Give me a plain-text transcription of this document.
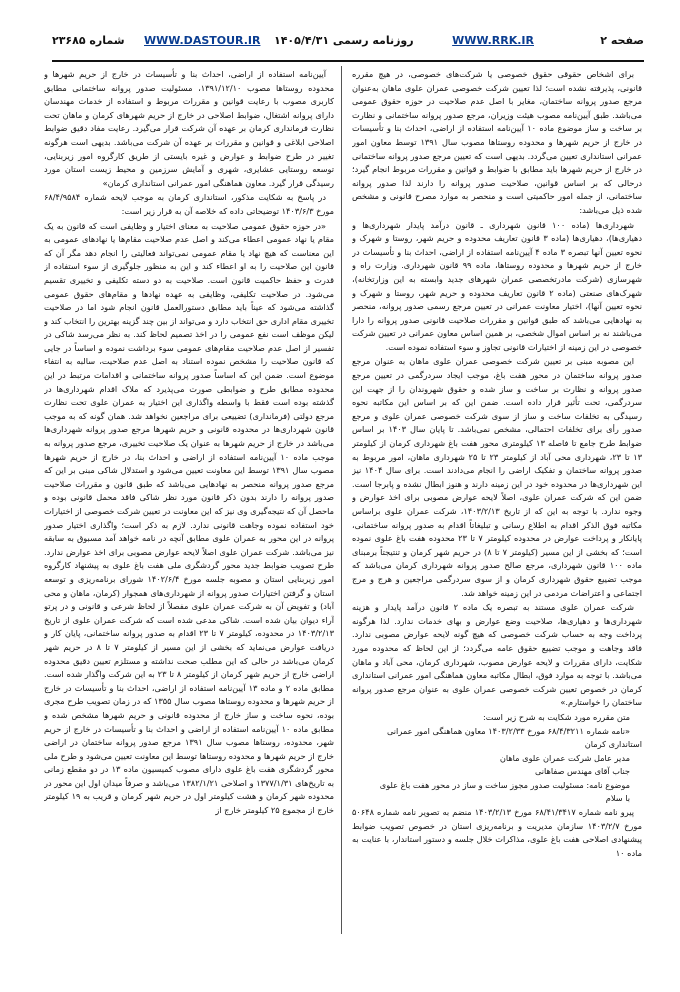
صفحه ۲
WWW.RRK.IR
روزنامه رسمی ۱۴۰۵/۴/۳۱
WWW.DASTOUR.IR
شماره ۲۳۶۸۵

برای اشخاص حقوقی حقوق خصوصی یا شرکت‌های خصوصی، در هیچ مقرره قانونی، پذیرفته نشده است؛ لذا تعیین شرکت خصوصی عمران علوی ماهان به‌عنوان مرجع صدور پروانه ساختمان، مغایر با اصل عدم صلاحیت در حوزه حقوق عمومی می‌باشد. طبق آیین‌نامه مصوب هیئت وزیران، مرجع صدور پروانه ساختمانی و نظارت بر ساخت و ساز موضوع ماده ۱۰ آیین‌نامه استفاده از اراضی، احداث بنا و تأسیسات در خارج از حریم شهرها و محدوده روستاها مصوب سال ۱۳۹۱ توسط معاون امور عمرانی استانداری تعیین می‌گردد. بدیهی است که تعیین مرجع صدور پروانه ساختمانی در خارج از حریم شهرها باید مطابق با ضوابط و قوانین و مقررات مربوط انجام گیرد؛ درحالی که بر اساس قوانین، صلاحیت صدور پروانه را دارند لذا صدور پروانه ساختمانی، از جمله امور حاکمیتی است و منحصر به موارد مصرح قانونی و مشخص شده ذیل می‌باشد:

شهرداری‌ها (ماده ۱۰۰ قانون شهرداری ـ قانون درآمد پایدار شهرداری‌ها و دهیاری‌ها)، دهیاری‌ها (ماده ۳ قانون تعاریف محدوده و حریم شهر، روستا و شهرک و نحوه تعیین آنها تبصره ۳ ماده ۴ آیین‌نامه استفاده از اراضی، احداث بنا و تأسیسات در خارج از حریم شهرها و محدوده روستاها، ماده ۹۹ قانون شهرداری. وزارت راه و شهرسازی (شرکت مادرتخصصی عمران شهرهای جدید وابسته به این وزارتخانه)، شهرک‌های صنعتی (ماده ۲ قانون تعاریف محدوده و حریم شهر، روستا و شهرک و نحوه تعیین آنها)، اختیار معاونت عمرانی در تعیین مرجع رسمی صدور پروانه، منحصر به نهادهایی می‌باشد که طبق قوانین و مقررات صلاحیت قانونی صدور پروانه را دارا می‌باشند نه بر اساس اموال شخصی، بر همین اساس معاون عمرانی در تعیین شرکت خصوصی در این زمینه از اختیارات قانونی تجاوز و سوء استفاده نموده است.

این مصوبه مبنی بر تعیین شرکت خصوصی عمران علوی ماهان به عنوان مرجع صدور پروانه ساختمان در محور هفت باغ، موجب ایجاد سردرگمی در تعیین مرجع صدور پروانه و نظارت بر ساخت و ساز شده و حقوق شهروندان را از جهت این سردرگمی، تحت تأثیر قرار داده است. ضمن این که بر اساس این مکاتبه نحوه رسیدگی به تخلفات ساخت و ساز از سوی شرکت خصوصی عمران علوی و مرجع صدور رأی برای تخلفات احتمالی، مشخص نمی‌باشد. تا پایان سال ۱۴۰۳ بر اساس ضوابط طرح جامع تا فاصله ۱۳ کیلومتری محور هفت باغ شهرداری کرمان از کیلومتر ۱۳ تا ۲۳، شهرداری محی آباد از کیلومتر ۲۳ تا ۲۵ شهرداری ماهان، امور مربوط به صدور پروانه ساختمان و تفکیک اراضی را انجام می‌دادند است. برای سال ۱۴۰۴ نیز این شهرداری‌ها در محدوده خود در این زمینه دارند و هنوز ابطال نشده و پابرجا است. ضمن این که شرکت عمران علوی، اصلاً لایحه عوارض مصوبی برای اخذ عوارض و وجوه ندارد. با توجه به این که از تاریخ ۱۴۰۳/۲/۱۳، شرکت عمران علوی براساس مکاتبه فوق الذکر اقدام به اطلاع رسانی و تبلیغاتاً اقدام به صدور پروانه ساختمانی، پایانکار و پرداخت عوارض در محدوده کیلومتر ۷ تا ۲۳ محدوده هفت باغ علوی نموده است؛ که بخشی از این مسیر (کیلومتر ۷ تا ۸) در حریم شهر کرمان و تنتیجتاً برمبنای ماده ۱۰۰ قانون شهرداری، مرجع صالح صدور پروانه شهرداری کرمان می‌باشد که موجب تضییع حقوق شهرداری کرمان و از سوی سردرگمی مراجعین و هرج و مرج اجتماعی و اعتراضات مردمی در این زمینه خواهد شد.

شرکت عمران علوی مستند به تبصره یک ماده ۲ قانون درآمد پایدار و هزینه شهرداری‌ها و دهیاری‌ها، صلاحیت وضع عوارض و بهای خدمات ندارد. لذا هرگونه پرداخت وجه به حساب شرکت خصوصی که هیچ گونه لایحه عوارض مصوبی ندارد. فاقد وجاهت و موجب تضییع حقوق عامه می‌گردد؛ از این لحاظ که محدوده مورد شکایت، دارای مقررات و لایحه عوارض مصوب، شهرداری کرمان، محی آباد و ماهان می‌باشد. با توجه به موارد فوق، ابطال مکاتبه معاون هماهنگی امور عمرانی استانداری کرمان در خصوص تعیین شرکت خصوصی عمران علوی به عنوان مرجع صدور پروانه ساختمان را خواستارم.»

متن مقرره مورد شکایت به شرح زیر است:

«نامه شماره ۶۸/۴/۳۲۱۱ مورخ ۱۴۰۳/۲/۳۳ معاون هماهنگی امور عمرانی استانداری کرمان

مدیر عامل شرکت عمران علوی ماهان

جناب آقای مهندس صفاهانی

موضوع نامه: مسئولیت صدور مجوز ساخت و ساز در محور هفت باغ علوی

با سلام

پیرو نامه شماره ۶۸/۴۱/۳۴۱۷ مورخ ۱۴۰۳/۲/۱۳ منضم به تصویر نامه شماره ۵۰۶۴۸ مورخ ۱۴۰۳/۲/۷ سازمان مدیریت و برنامه‌ریزی استان در خصوص تصویب ضوابط پیشنهادی اصلاحی هفت باغ علوی، مذاکرات خلال جلسه و دستور استاندار، با عنایت به ماده ۱۰

آیین‌نامه استفاده از اراضی، احداث بنا و تأسیسات در خارج از حریم شهرها و محدوده روستاها مصوب ۱۳۹۱/۱۲/۱۰، مسئولیت صدور پروانه ساختمانی مطابق کاربری مصوب با رعایت قوانین و مقررات مربوط و استفاده از خدمات مهندسان دارای پروانه اشتغال، ضوابط اصلاحی در خارج از حریم شهرهای کرمان و ماهان تحت نظارت فرمانداری کرمان بر عهده آن شرکت قرار می‌گیرد. رعایت مفاد دقیق ضوابط اصلاحی ابلاغی و قوانین و مقررات بر عهده آن شرکت می‌باشد. بدیهی است هرگونه تغییر در طرح ضوابط و عوارض و غیره بایستی از طریق کارگروه امور زیربنایی، توسعه روستایی عشایری، شهری و آمایش سرزمین و محیط زیست استان مورد رسیدگی قرار گیرد. معاون هماهنگی امور عمرانی استانداری کرمان»

در پاسخ به شکایت مذکور، استانداری کرمان به موجب لایحه شماره ۶۸/۴/۹۵۸۴ مورخ ۱۴۰۳/۶/۳ توضیحاتی داده که خلاصه آن به قرار زیر است:

«در حوزه حقوق عمومی صلاحیت به معنای اختیار و وظایفی است که قانون به یک مقام یا نهاد عمومی اعطاء می‌کند و اصل عدم صلاحیت مقام‌ها یا نهادهای عمومی به این معناست که هیچ نهاد یا مقام عمومی نمی‌تواند فعالیتی را انجام دهد مگر آن که قانون این صلاحیت را به او اعطاء کند و این به منظور جلوگیری از سوء استفاده از قدرت و حفظ حاکمیت قانون است. صلاحیت به دو دسته تکلیفی و تخییری تقسیم می‌شود. در صلاحیت تکلیفی، وظایفی به عهده نهادها و مقام‌های حقوق عمومی گذاشته می‌شود که عیناً باید مطابق دستورالعمل قانون انجام شود اما در صلاحیت تخییری مقام اداری حق انتخاب دارد و می‌تواند از بین چند گزینه بهترین را انتخاب کند و لیکن موظف است نفع عمومی را در اخذ تصمیم لحاظ کند. به نظر می‌رسد شاکی در تفسیر از اصل عدم صلاحیت مقام‌های عمومی سوء برداشت نموده و اساساً در جایی که قانون صلاحیت را مشخص نموده استناد به اصل عدم صلاحیت، سالبه به انتفاء موضوع است. ضمن این که اساساً صدور پروانه ساختمانی و اقدامات مرتبط در این محدوده مطابق طرح و ضوابطی صورت می‌پذیرد که ملاک اقدام شهرداری‌ها در گذشته بوده است فقط با واسطه واگذاری این اختیار به عمران علوی تحت نظارت مرجع دولتی (فرمانداری) تضییعی برای مراجعین نخواهد شد. همان گونه که به موجب قانون شهرداری‌ها در محدوده قانونی و حریم شهرها مرجع صدور پروانه شهرداری‌ها می‌باشد در خارج از حریم شهرها به عنوان یک صلاحیت تخییری، مرجع صدور پروانه به موجب ماده ۱۰ آیین‌نامه استفاده از اراضی و احداث بنا، در خارج از حریم شهرها مصوب سال ۱۳۹۱ توسط این معاونت تعیین می‌شود و استدلال شاکی مبنی بر این که مرجع صدور پروانه منحصر به نهادهایی می‌باشد که طبق قانون و مقررات صلاحیت صدور پروانه را دارند بدون ذکر قانون مورد نظر شاکی فاقد محمل قانونی بوده و ماحصل آن که نتیجه‌گیری وی نیز که این معاونت در تعیین شرکت خصوصی از اختیارات خود استفاده نموده وجاهت قانونی ندارد. لازم به ذکر است؛ واگذاری اختیار صدور پروانه در این محور به عمران علوی مطابق آنچه در نامه خواهد آمد مسبوق به سابقه نیز می‌باشد. شرکت عمران علوی اصلاً لایحه عوارض مصوبی برای اخذ عوارض ندارد. طرح تصویب ضوابط جدید محور گردشگری ملی هفت باغ علوی به پیشنهاد کارگروه امور زیربنایی استان و مصوبه جلسه مورخ ۱۴۰۲/۶/۴ شورای برنامه‌ریزی و توسعه استان و گرفتن اختیارات صدور پروانه از شهرداری‌های همجوار (کرمان، ماهان و محی آباد) و تفویض آن به شرکت عمران علوی مفصلاً از لحاظ شرعی و قانونی و در پرتو آراء دیوان بیان شده است. شاکی مدعی شده است که شرکت عمران علوی از تاریخ ۱۴۰۳/۲/۱۳ در محدوده، کیلومتر ۷ تا ۲۳ اقدام به صدور پروانه ساختمانی، پایان کار و دریافت عوارض می‌نماید که بخشی از این مسیر از کیلومتر ۷ تا ۸ در حریم شهر کرمان می‌باشد در حالی که این مطلب صحت نداشته و مستلزم تعیین دقیق محدوده اراضی خارج از حریم شهر کرمان از کیلومتر ۸ تا ۲۳ به این شرکت واگذار شده است. مطابق ماده ۲ و ماده ۱۳ آیین‌نامه استفاده از اراضی، احداث بنا و تأسیسات در خارج از حریم شهرها و محدوده روستاها مصوب سال ۱۳۵۵ که در زمان تصویب طرح مجری بوده، نحوه ساخت و ساز خارج از محدوده قانونی و حریم شهرها مشخص شده و مطابق ماده ۱۰ آیین‌نامه استفاده از اراضی و احداث بنا و تأسیسات در خارج از حریم شهر، محدوده، روستاها مصوب سال ۱۳۹۱ مرجع صدور پروانه ساختمان در اراضی خارج از حریم شهرها و محدوده روستاها توسط این معاونت تعیین می‌شود و طرح ملی محور گردشگری هفت باغ علوی دارای مصوب کمیسیون ماده ۱۳ در دو مقطع زمانی به تاریخ‌های ۱۳۷۷/۱/۳۱ و اصلاحی ۱۳۸۲/۱/۲۱ می‌باشد و صرفاً میدان اول این محور در محدوده شهر کرمان و هشت کیلومتر اول در حریم شهر کرمان و قریب به ۱۹ کیلومتر خارج از مجموع ۲۵ کیلومتر خارج از
